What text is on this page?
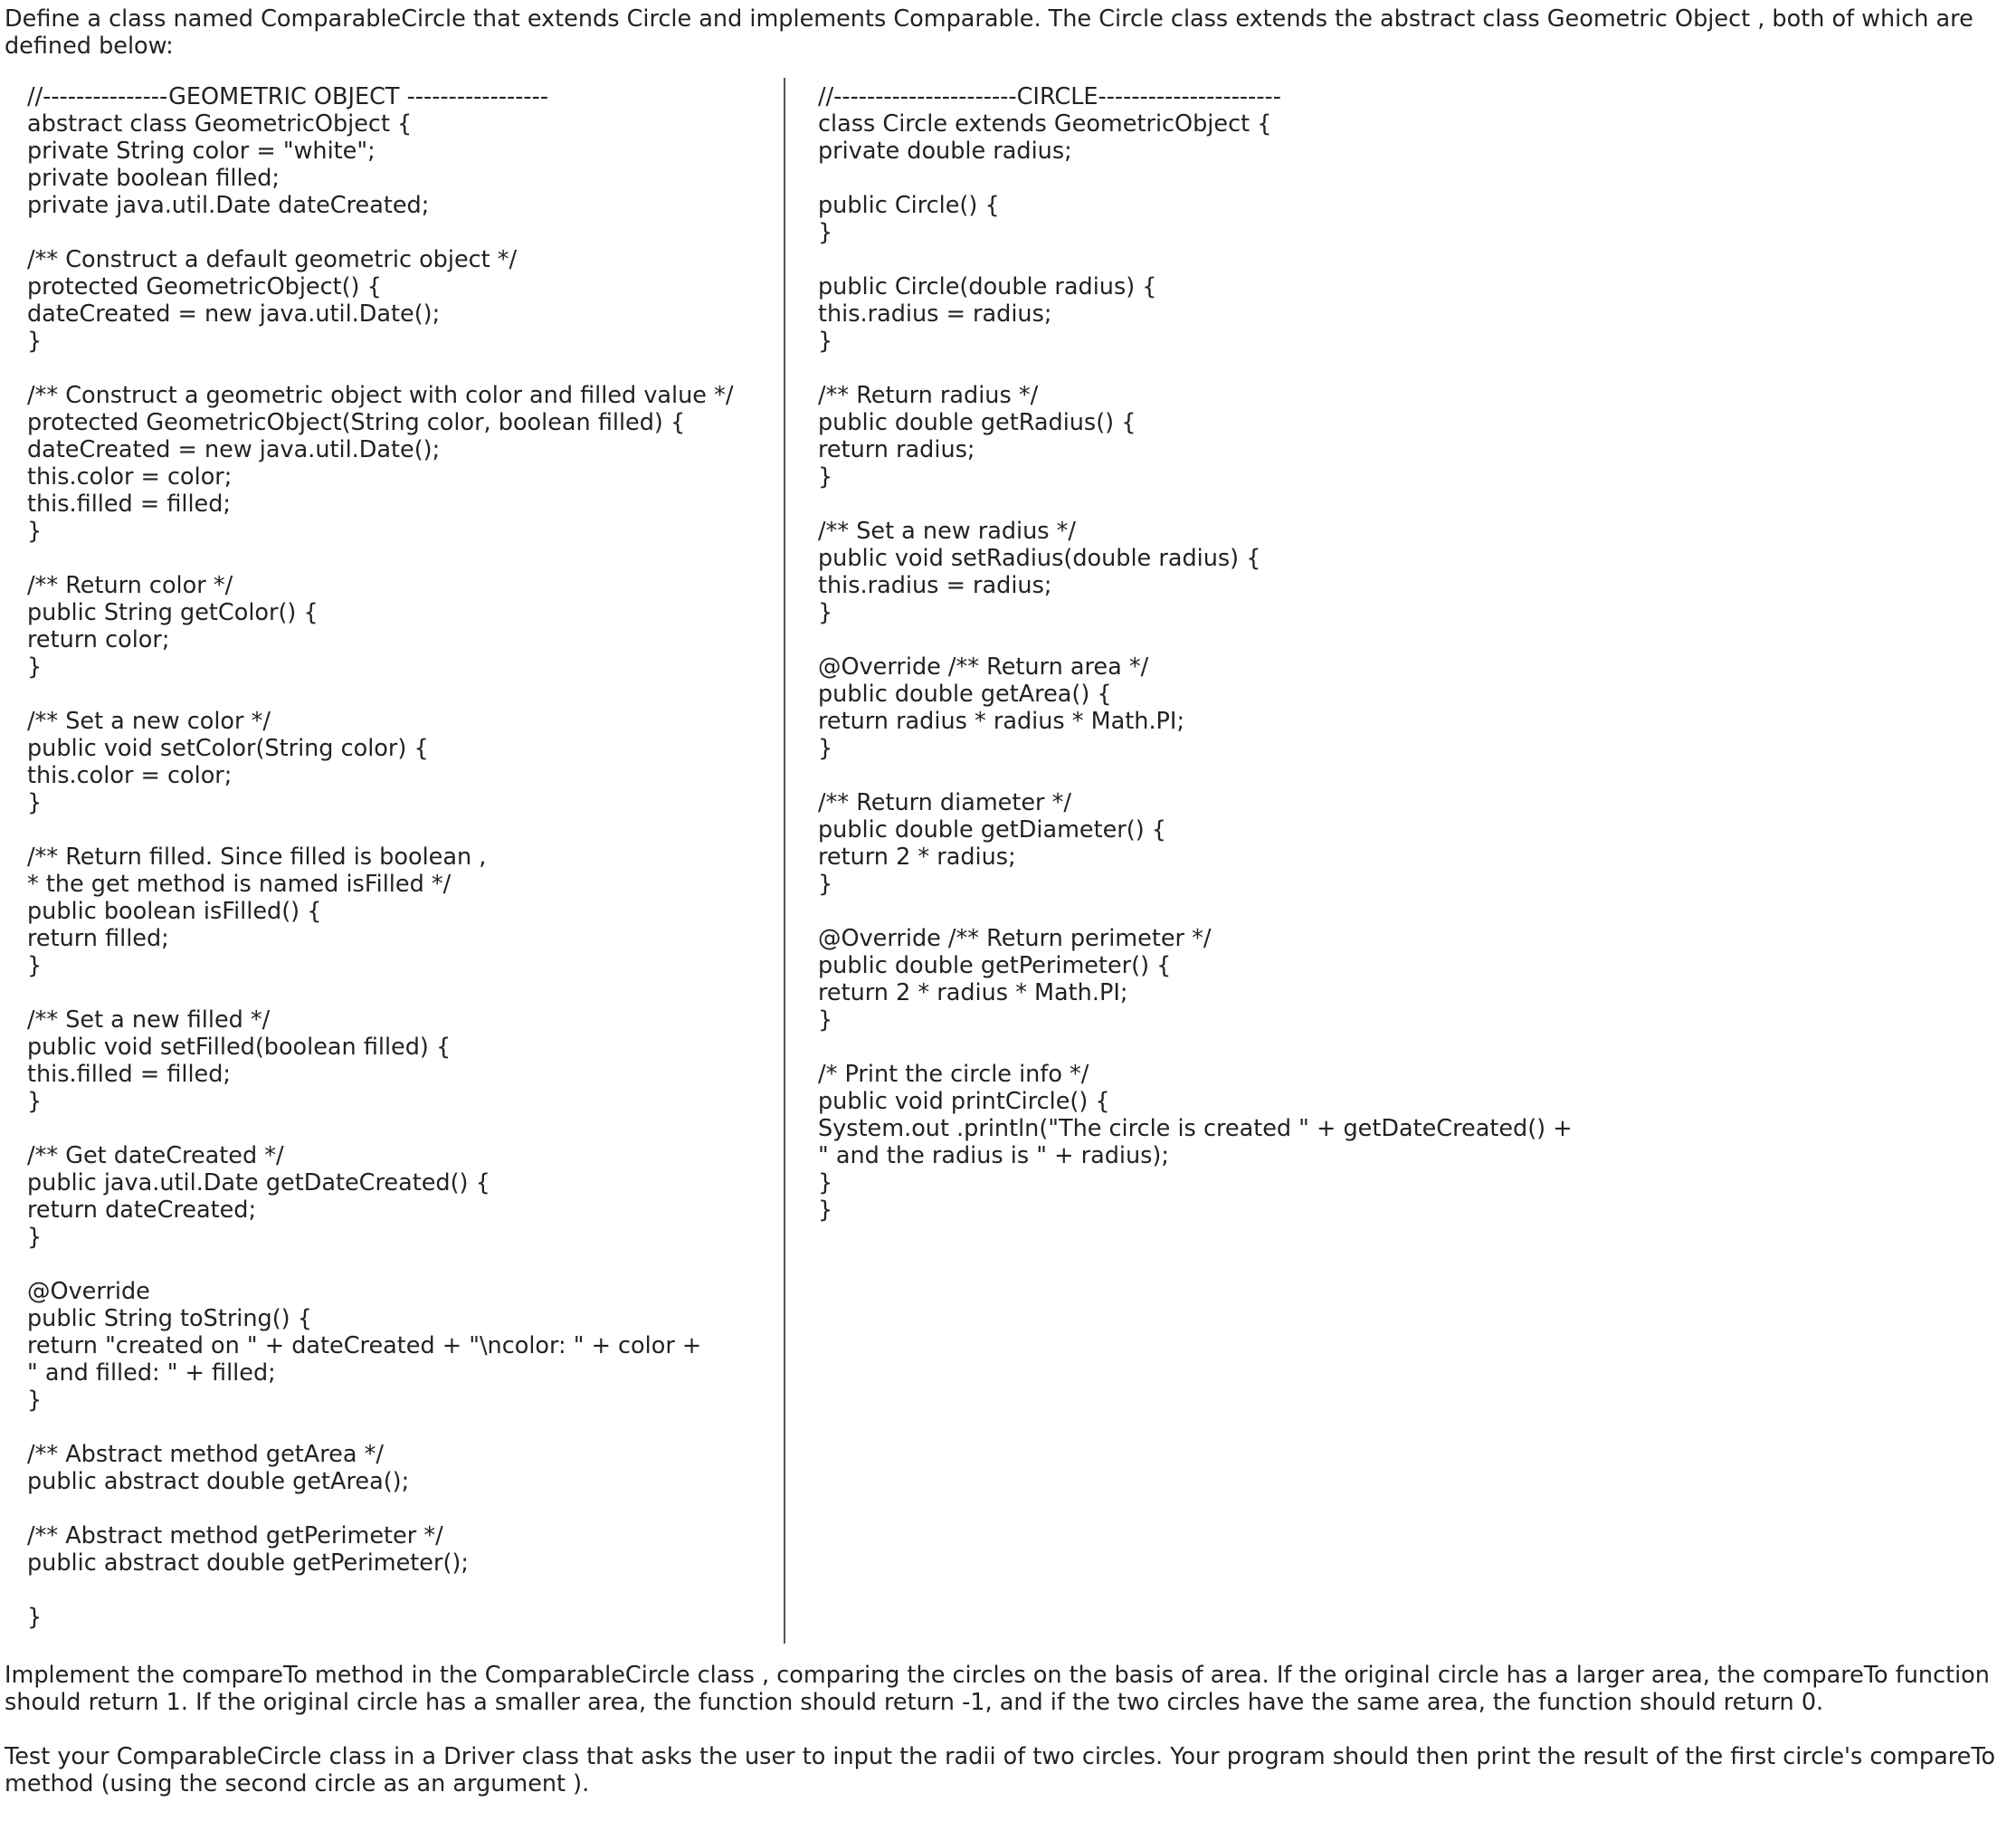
Define a class named ComparableCircle that extends Circle and implements Comparable. The Circle class extends the abstract class Geometric Object , both of which are defined below:

//---------------GEOMETRIC OBJECT -----------------
abstract class GeometricObject {
private String color = "white";
private boolean filled;
private java.util.Date dateCreated;
/** Construct a default geometric object */
protected GeometricObject() {
dateCreated = new java.util.Date();
}
/** Construct a geometric object with color and filled value */
protected GeometricObject(String color, boolean filled) {
dateCreated = new java.util.Date();
this.color = color;
this.filled = filled;
}
/** Return color */
public String getColor() {
return color;
}
/** Set a new color */
public void setColor(String color) {
this.color = color;
}
/** Return filled. Since filled is boolean ,
* the get method is named isFilled */
public boolean isFilled() {
return filled;
}
/** Set a new filled */
public void setFilled(boolean filled) {
this.filled = filled;
}
/** Get dateCreated */
public java.util.Date getDateCreated() {
return dateCreated;
}
@Override
public String toString() {
return "created on " + dateCreated + "\ncolor: " + color +
" and filled: " + filled;
}
/** Abstract method getArea */
public abstract double getArea();
/** Abstract method getPerimeter */
public abstract double getPerimeter();
}
//----------------------CIRCLE----------------------
class Circle extends GeometricObject {
private double radius;
public Circle() {
}
public Circle(double radius) {
this.radius = radius;
}
/** Return radius */
public double getRadius() {
return radius;
}
/** Set a new radius */
public void setRadius(double radius) {
this.radius = radius;
}
@Override /** Return area */
public double getArea() {
return radius * radius * Math.PI;
}
/** Return diameter */
public double getDiameter() {
return 2 * radius;
}
@Override /** Return perimeter */
public double getPerimeter() {
return 2 * radius * Math.PI;
}
/* Print the circle info */
public void printCircle() {
System.out .println("The circle is created " + getDateCreated() +
" and the radius is " + radius);
}
}

Implement the compareTo method in the ComparableCircle class , comparing the circles on the basis of area. If the original circle has a larger area, the compareTo function should return 1. If the original circle has a smaller area, the function should return -1, and if the two circles have the same area, the function should return 0.

Test your ComparableCircle class in a Driver class that asks the user to input the radii of two circles. Your program should then print the result of the first circle's compareTo method (using the second circle as an argument ).
